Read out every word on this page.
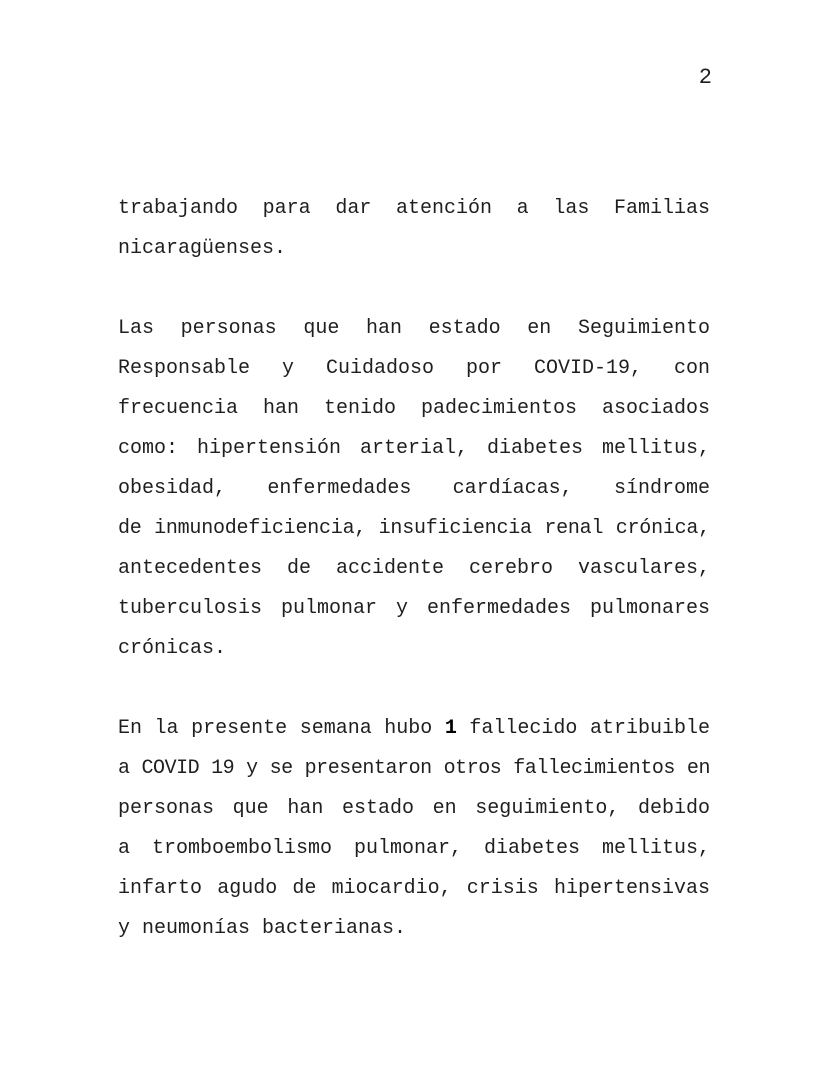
2
trabajando para dar atención a las Familias
nicaragüenses.
Las personas que han estado en Seguimiento
Responsable y Cuidadoso por COVID-19, con
frecuencia han tenido padecimientos asociados
como: hipertensión arterial, diabetes mellitus,
obesidad, enfermedades cardíacas, síndrome
de inmunodeficiencia, insuficiencia renal crónica,
antecedentes de accidente cerebro vasculares,
tuberculosis pulmonar y enfermedades pulmonares
crónicas.
En la presente semana hubo 1 fallecido atribuible
a COVID 19 y se presentaron otros fallecimientos en
personas que han estado en seguimiento, debido
a tromboembolismo pulmonar, diabetes mellitus,
infarto agudo de miocardio, crisis hipertensivas
y neumonías bacterianas.
